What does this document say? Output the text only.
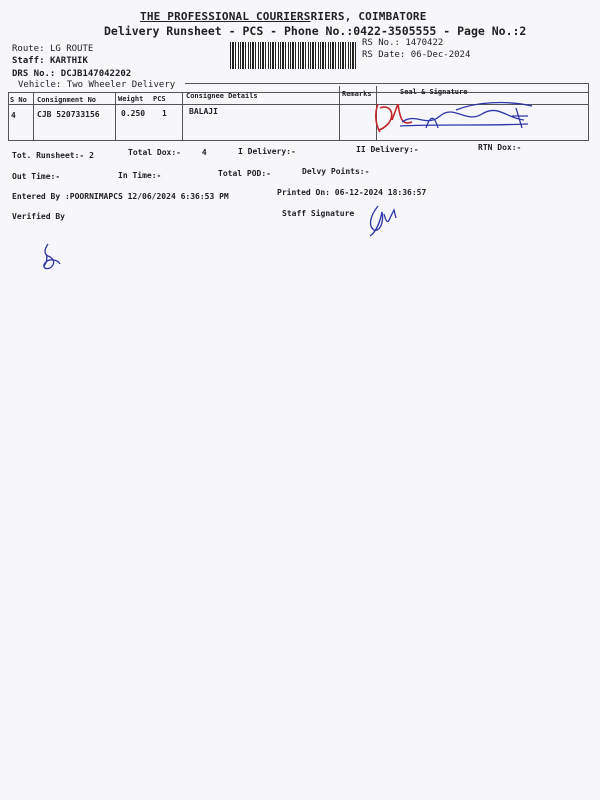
THE PROFESSIONAL COURIERSRIERS, COIMBATORE
Delivery Runsheet - PCS - Phone No.:0422-3505555 - Page No.:2
Route: LG ROUTE
Staff: KARTHIK
DRS No.: DCJB147042202
Vehicle: Two Wheeler Delivery
RS No.: 1470422
RS Date: 06-Dec-2024
S No Consignment No	Weight PCS	Consignee Details	Remarks	Seal & Signature
4	CJB 520733156	0.250 1	BALAJI
Tot. Runsheet:- 2	Total Dox:-	4	I Delivery:-	II Delivery:-	RTN Dox:-
Out Time:-	In Time:-	Total POD:-	Delvy Points:-
Entered By :POORNIMAPCS 12/06/2024 6:36:53 PM	Printed On: 06-12-2024 18:36:57
Verified By	Staff Signature
